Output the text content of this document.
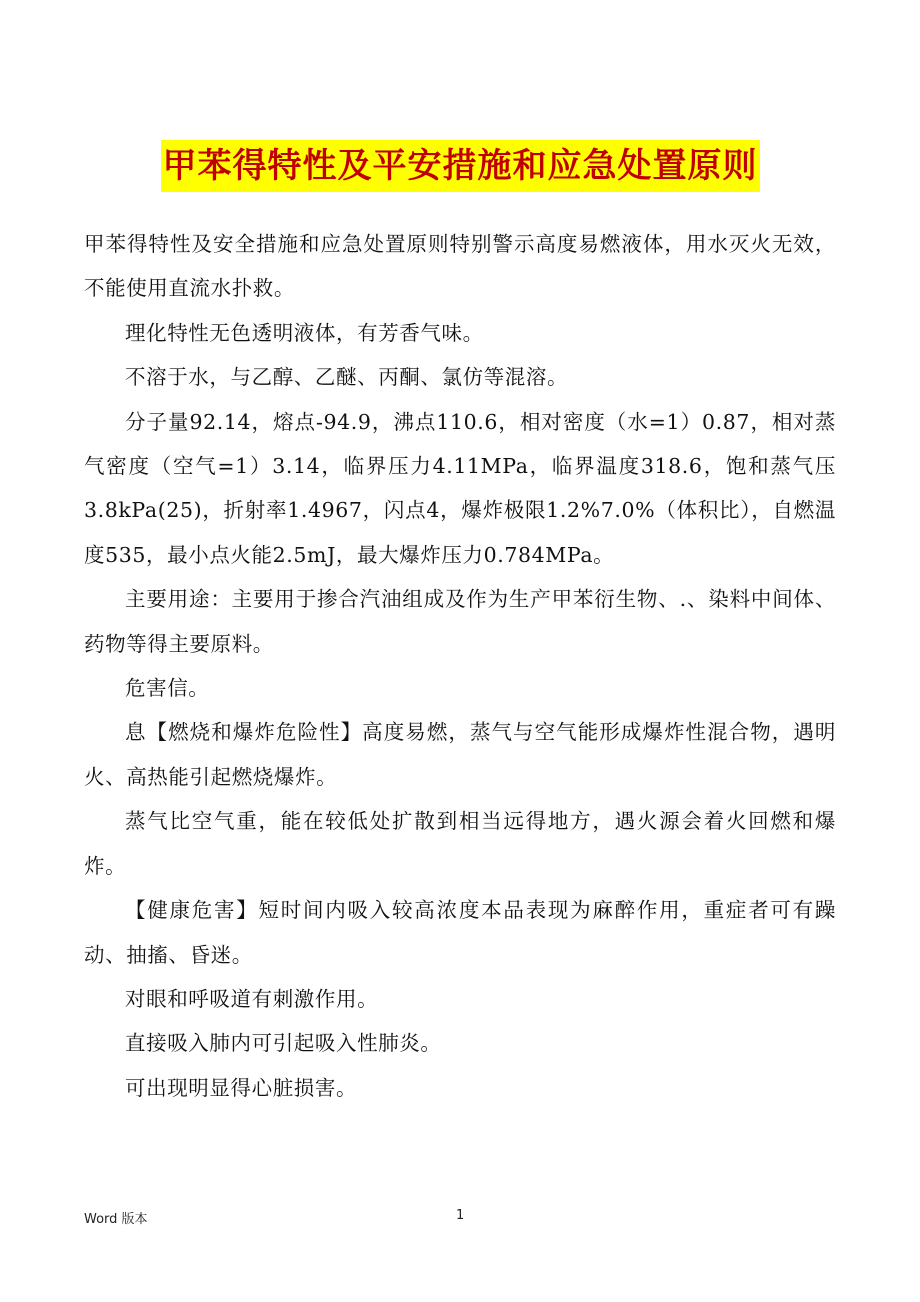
甲苯得特性及平安措施和应急处置原则

甲苯得特性及安全措施和应急处置原则特别警示高度易燃液体，用水灭火无效，不能使用直流水扑救。

理化特性无色透明液体，有芳香气味。

不溶于水，与乙醇、乙醚、丙酮、氯仿等混溶。

分子量92.14，熔点-94.9，沸点110.6，相对密度（水=1）0.87，相对蒸气密度（空气=1）3.14，临界压力4.11MPa，临界温度318.6，饱和蒸气压3.8kPa(25)，折射率1.4967，闪点4，爆炸极限1.2%7.0%（体积比），自燃温度535，最小点火能2.5mJ，最大爆炸压力0.784MPa。

主要用途：主要用于掺合汽油组成及作为生产甲苯衍生物、.、染料中间体、药物等得主要原料。

危害信。

息【燃烧和爆炸危险性】高度易燃，蒸气与空气能形成爆炸性混合物，遇明火、高热能引起燃烧爆炸。

蒸气比空气重，能在较低处扩散到相当远得地方，遇火源会着火回燃和爆炸。

【健康危害】短时间内吸入较高浓度本品表现为麻醉作用，重症者可有躁动、抽搐、昏迷。

对眼和呼吸道有刺激作用。

直接吸入肺内可引起吸入性肺炎。

可出现明显得心脏损害。

Word 版本	1
